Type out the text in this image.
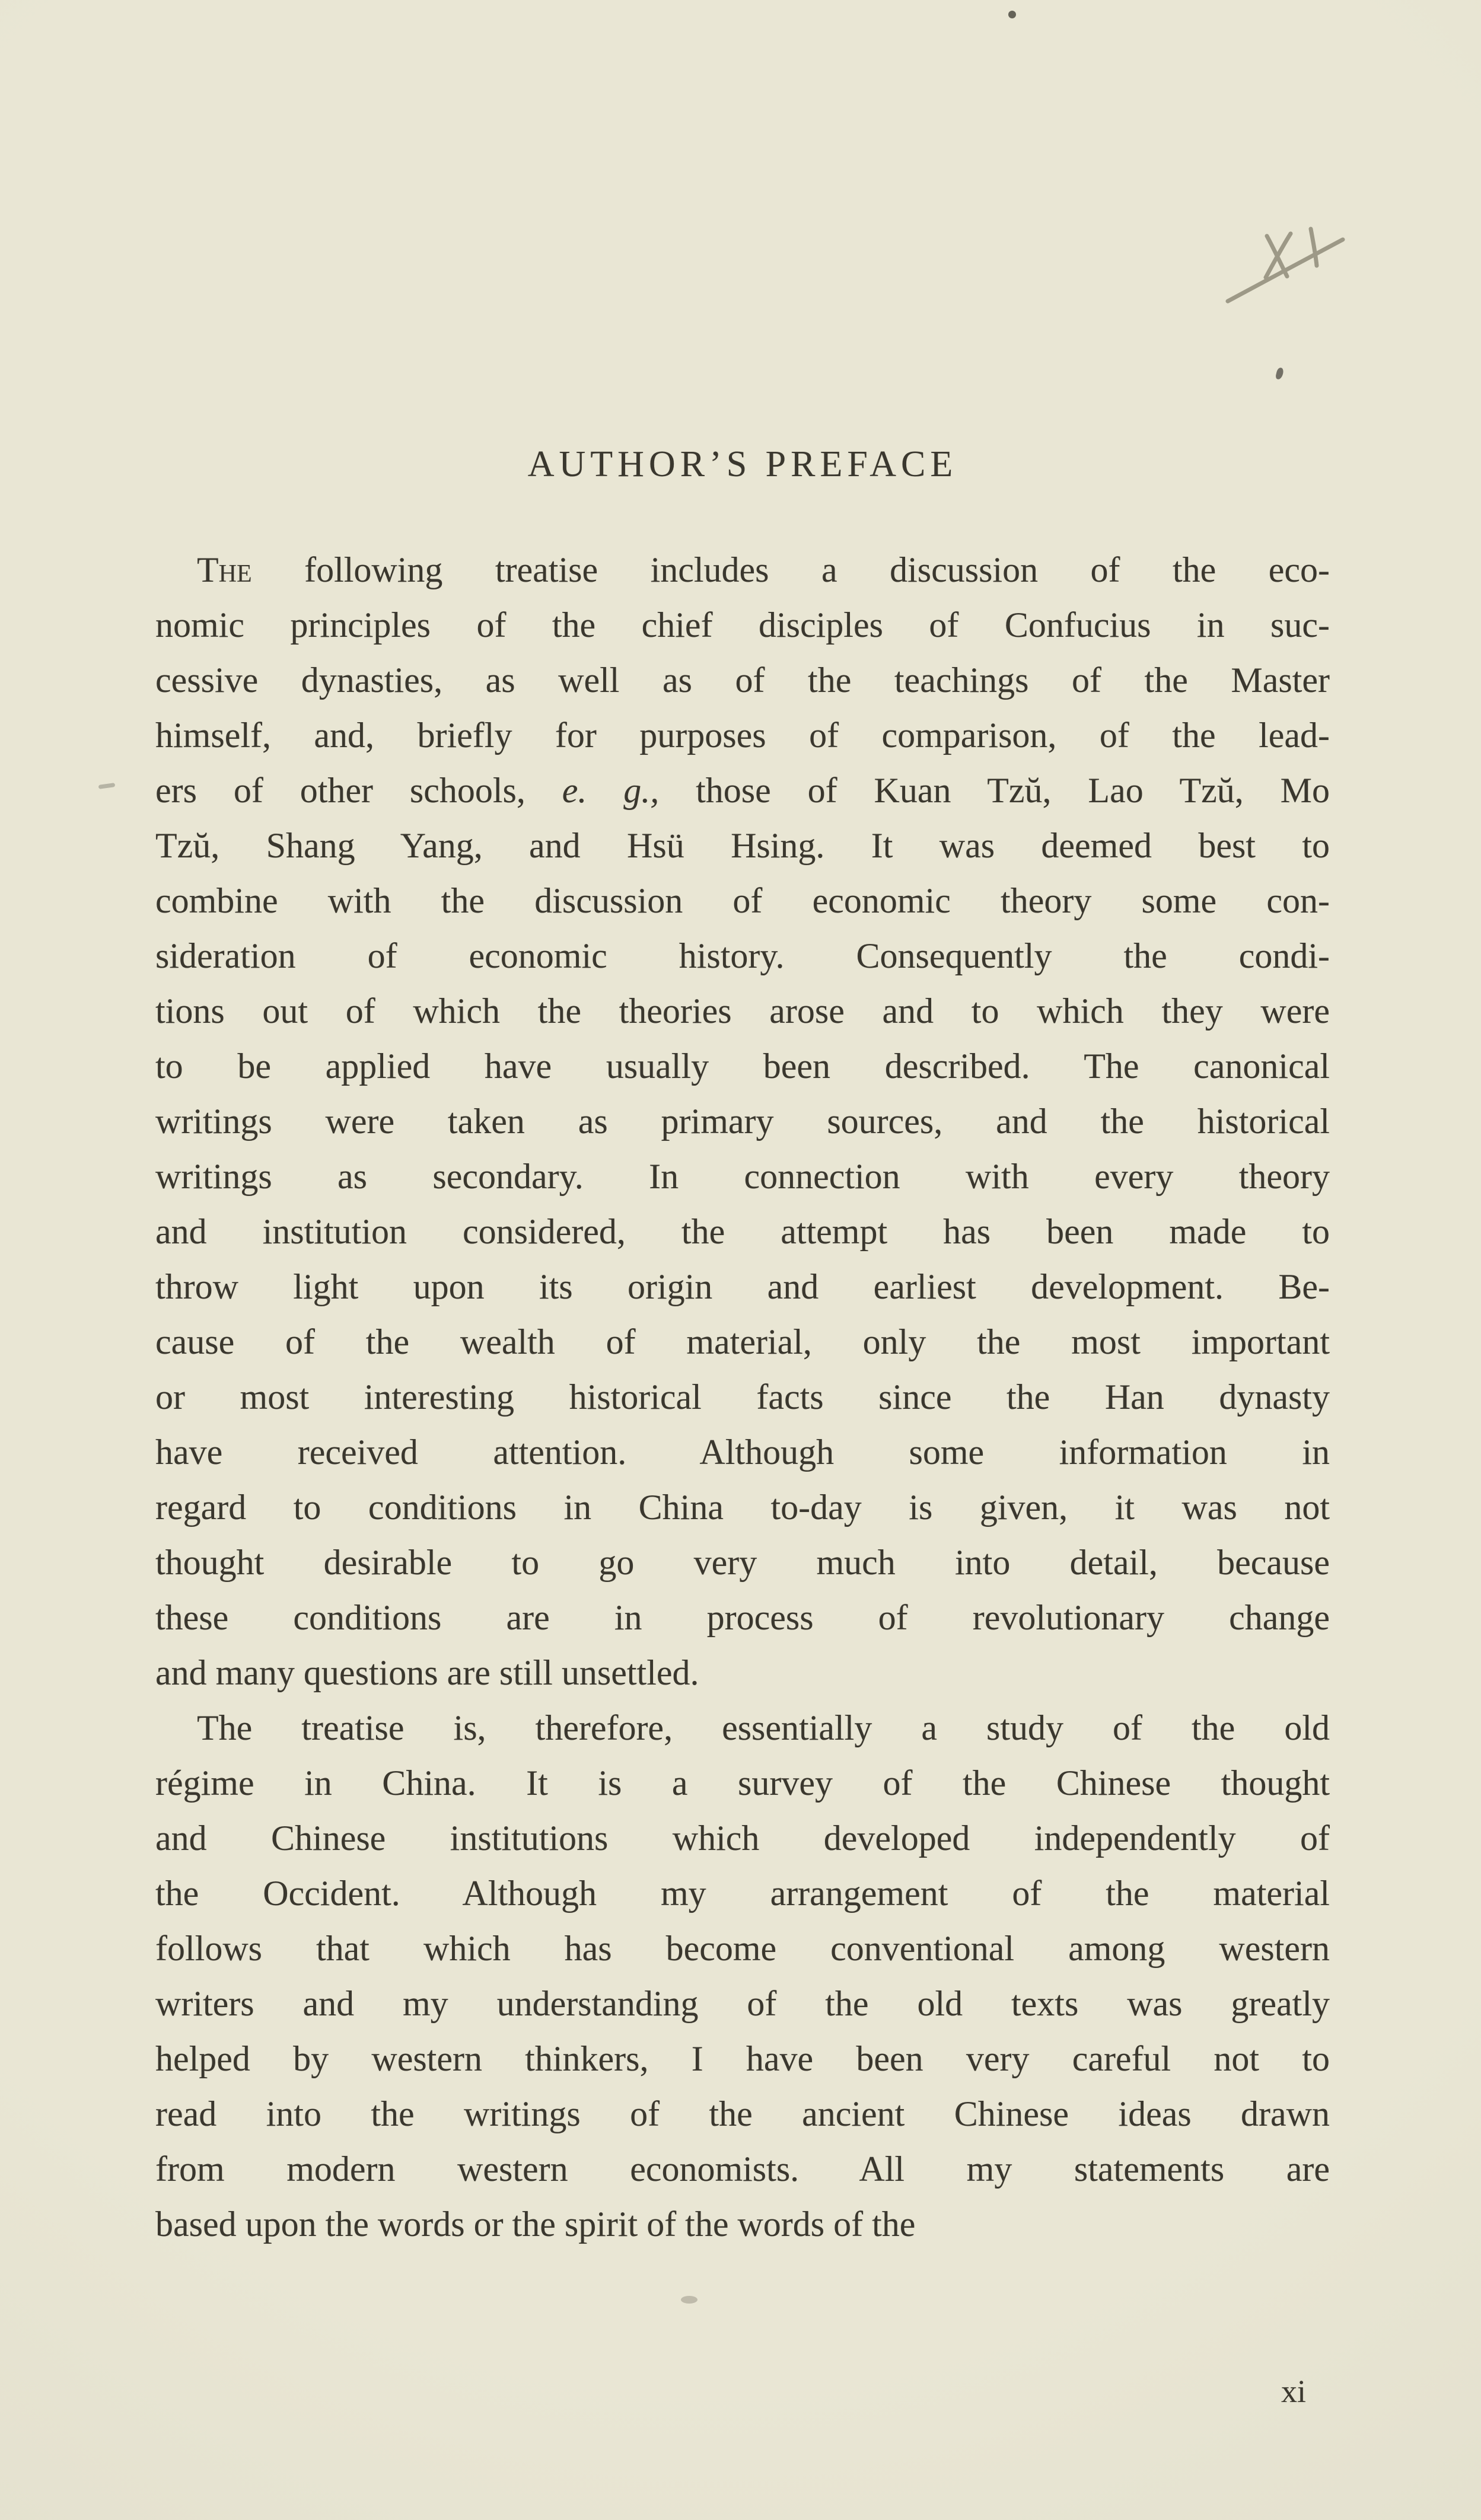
AUTHOR’S PREFACE
The following treatise includes a discussion of the eco-
nomic principles of the chief disciples of Confucius in suc-
cessive dynasties, as well as of the teachings of the Master
himself, and, briefly for purposes of comparison, of the lead-
ers of other schools, e. g., those of Kuan Tzŭ, Lao Tzŭ, Mo
Tzŭ, Shang Yang, and Hsü Hsing. It was deemed best to
combine with the discussion of economic theory some con-
sideration of economic history. Consequently the condi-
tions out of which the theories arose and to which they were
to be applied have usually been described. The canonical
writings were taken as primary sources, and the historical
writings as secondary. In connection with every theory
and institution considered, the attempt has been made to
throw light upon its origin and earliest development. Be-
cause of the wealth of material, only the most important
or most interesting historical facts since the Han dynasty
have received attention. Although some information in
regard to conditions in China to-day is given, it was not
thought desirable to go very much into detail, because
these conditions are in process of revolutionary change
and many questions are still unsettled.
The treatise is, therefore, essentially a study of the old
régime in China. It is a survey of the Chinese thought
and Chinese institutions which developed independently of
the Occident. Although my arrangement of the material
follows that which has become conventional among western
writers and my understanding of the old texts was greatly
helped by western thinkers, I have been very careful not to
read into the writings of the ancient Chinese ideas drawn
from modern western economists. All my statements are
based upon the words or the spirit of the words of the
xi
